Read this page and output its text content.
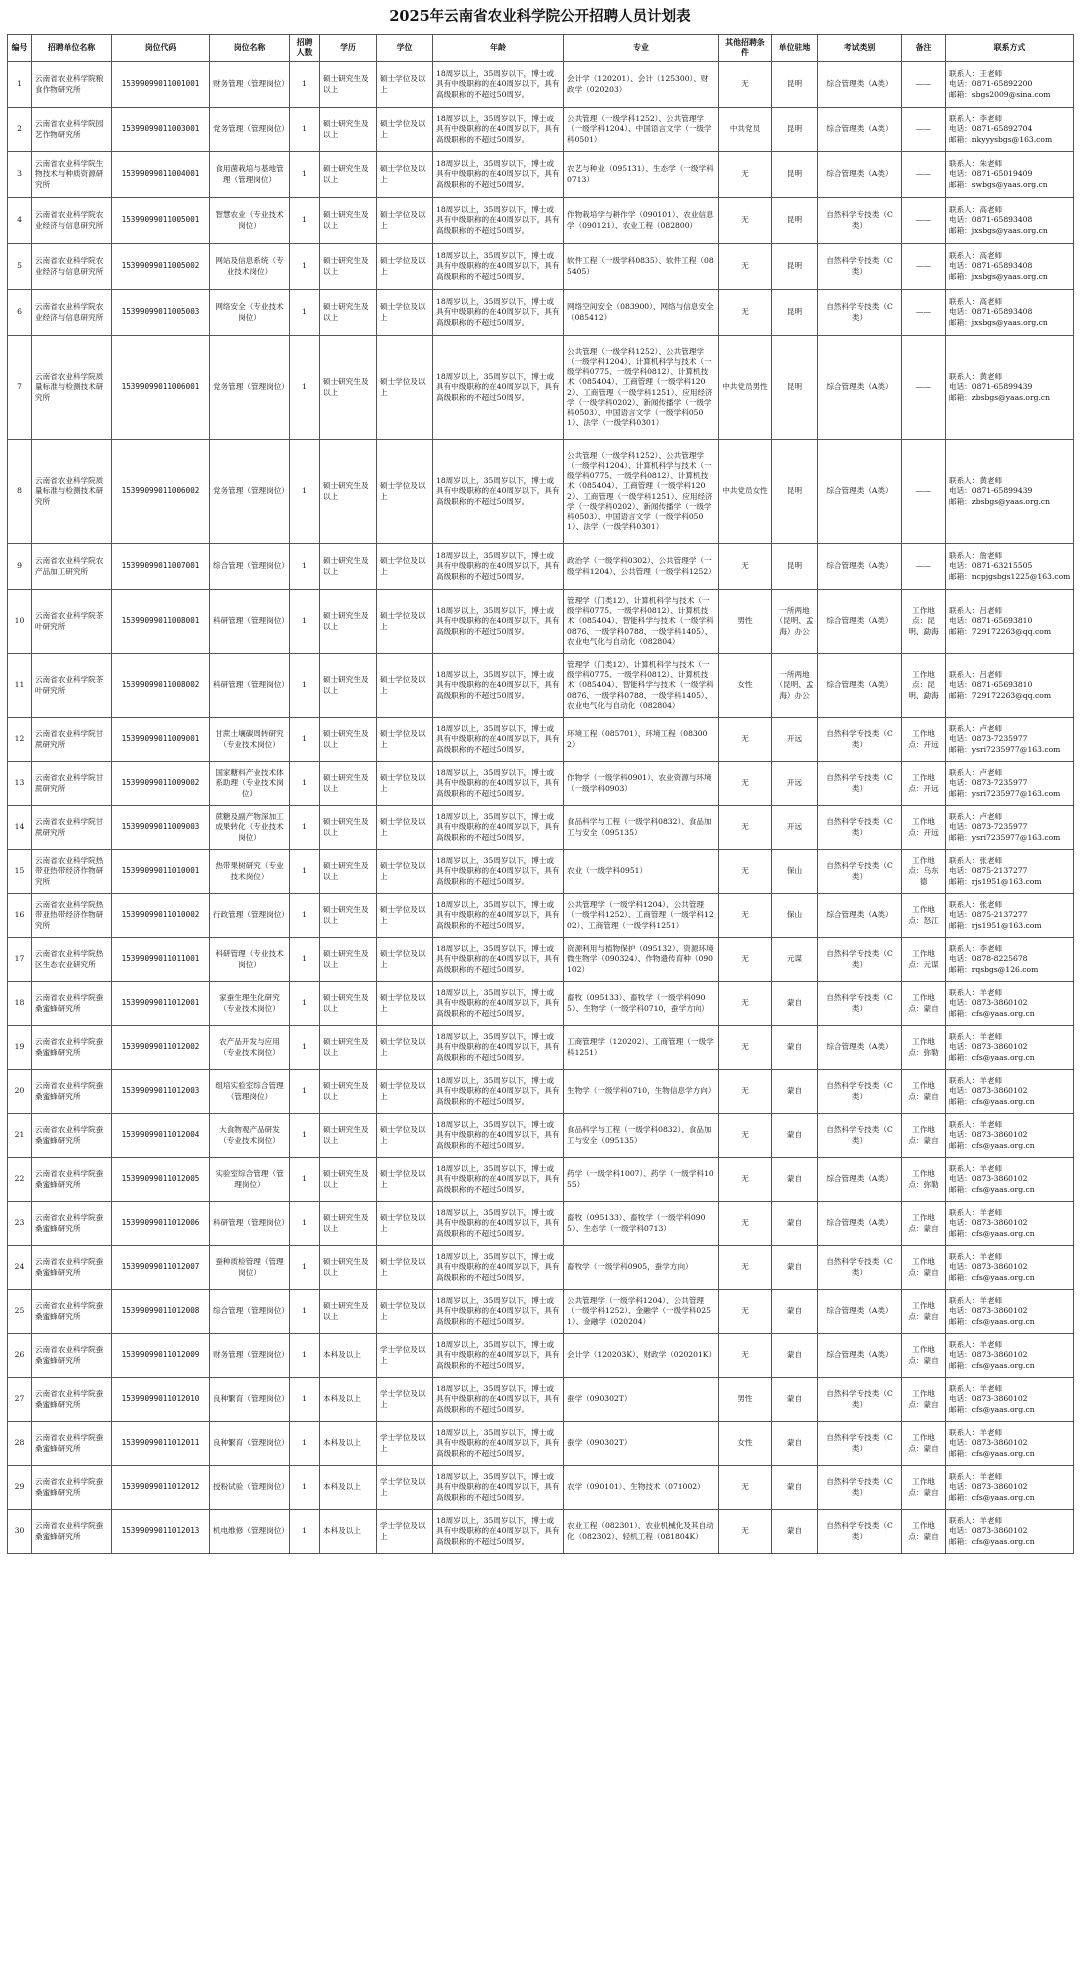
2025年云南省农业科学院公开招聘人员计划表
编号	招聘单位名称	岗位代码	岗位名称	招聘人数	学历	学位	年龄	专业	其他招聘条件	单位驻地	考试类别	备注	联系方式
1	云南省农业科学院粮食作物研究所	15399099011001001	财务管理（管理岗位）	1	硕士研究生及以上	硕士学位及以上	18周岁以上，35周岁以下，博士或具有中级职称的在40周岁以下，具有高级职称的不超过50周岁。	会计学（120201）、会计（125300）、财政学（020203）	无	昆明	综合管理类（A类）	——	联系人：王老师
电话：0871-65892200
邮箱：sbgs2009@sina.com

2	云南省农业科学院园艺作物研究所	15399099011003001	党务管理（管理岗位）	1	硕士研究生及以上	硕士学位及以上	18周岁以上，35周岁以下，博士或具有中级职称的在40周岁以下，具有高级职称的不超过50周岁。	公共管理（一级学科1252）、公共管理学（一级学科1204）、中国语言文学（一级学科0501）	中共党员	昆明	综合管理类（A类）	——	联系人：李老师
电话：0871-65892704
邮箱：nkyyysbgs@163.com

3	云南省农业科学院生物技术与种质资源研究所	15399099011004001	食用菌栽培与基地管理（管理岗位）	1	硕士研究生及以上	硕士学位及以上	18周岁以上，35周岁以下，博士或具有中级职称的在40周岁以下，具有高级职称的不超过50周岁。	农艺与种业（095131）、生态学（一级学科0713）	无	昆明	综合管理类（A类）	——	联系人：朱老师
电话：0871-65019409
邮箱：swbgs@yaas.org.cn

4	云南省农业科学院农业经济与信息研究所	15399099011005001	智慧农业（专业技术岗位）	1	硕士研究生及以上	硕士学位及以上	18周岁以上，35周岁以下，博士或具有中级职称的在40周岁以下，具有高级职称的不超过50周岁。	作物栽培学与耕作学（090101）、农业信息学（090121）、农业工程（082800）	无	昆明	自然科学专技类（C类）	——	联系人：高老师
电话：0871-65893408
邮箱：jxsbgs@yaas.org.cn

5	云南省农业科学院农业经济与信息研究所	15399099011005002	网站及信息系统（专业技术岗位）	1	硕士研究生及以上	硕士学位及以上	18周岁以上，35周岁以下，博士或具有中级职称的在40周岁以下，具有高级职称的不超过50周岁。	软件工程（一级学科0835）、软件工程（085405）	无	昆明	自然科学专技类（C类）	——	联系人：高老师
电话：0871-65893408
邮箱：jxsbgs@yaas.org.cn

6	云南省农业科学院农业经济与信息研究所	15399099011005003	网络安全（专业技术岗位）	1	硕士研究生及以上	硕士学位及以上	18周岁以上，35周岁以下，博士或具有中级职称的在40周岁以下，具有高级职称的不超过50周岁。	网络空间安全（083900）、网络与信息安全（085412）	无	昆明	自然科学专技类（C类）	——	联系人：高老师
电话：0871-65893408
邮箱：jxsbgs@yaas.org.cn

7	云南省农业科学院质量标准与检测技术研究所	15399099011006001	党务管理（管理岗位）	1	硕士研究生及以上	硕士学位及以上	18周岁以上，35周岁以下，博士或具有中级职称的在40周岁以下，具有高级职称的不超过50周岁。	公共管理（一级学科1252）、公共管理学（一级学科1204）、计算机科学与技术（一级学科0775、一级学科0812）、计算机技术（085404）、工商管理（一级学科1202）、工商管理（一级学科1251）、应用经济学（一级学科0202）、新闻传播学（一级学科0503）、中国语言文学（一级学科0501）、法学（一级学科0301）	中共党员男性	昆明	综合管理类（A类）	——	联系人：黄老师
电话：0871-65899439
邮箱：zbsbgs@yaas.org.cn

8	云南省农业科学院质量标准与检测技术研究所	15399099011006002	党务管理（管理岗位）	1	硕士研究生及以上	硕士学位及以上	18周岁以上，35周岁以下，博士或具有中级职称的在40周岁以下，具有高级职称的不超过50周岁。	公共管理（一级学科1252）、公共管理学（一级学科1204）、计算机科学与技术（一级学科0775、一级学科0812）、计算机技术（085404）、工商管理（一级学科1202）、工商管理（一级学科1251）、应用经济学（一级学科0202）、新闻传播学（一级学科0503）、中国语言文学（一级学科0501）、法学（一级学科0301）	中共党员女性	昆明	综合管理类（A类）	——	联系人：黄老师
电话：0871-65899439
邮箱：zbsbgs@yaas.org.cn

9	云南省农业科学院农产品加工研究所	15399099011007001	综合管理（管理岗位）	1	硕士研究生及以上	硕士学位及以上	18周岁以上，35周岁以下，博士或具有中级职称的在40周岁以下，具有高级职称的不超过50周岁。	政治学（一级学科0302）、公共管理学（一级学科1204）、公共管理（一级学科1252）	无	昆明	综合管理类（A类）	——	联系人：詹老师
电话：0871-63215505
邮箱：ncpjgsbgs1225@163.com

10	云南省农业科学院茶叶研究所	15399099011008001	科研管理（管理岗位）	1	硕士研究生及以上	硕士学位及以上	18周岁以上，35周岁以下，博士或具有中级职称的在40周岁以下，具有高级职称的不超过50周岁。	管理学（门类12）、计算机科学与技术（一级学科0775、一级学科0812）、计算机技术（085404）、智能科学与技术（一级学科0876、一级学科0788、一级学科1405）、农业电气化与自动化（082804）	男性	一所两地（昆明、孟海）办公	综合管理类（A类）	工作地点：昆明、勐海	联系人：吕老师
电话：0871-65693810
邮箱：729172263@qq.com

11	云南省农业科学院茶叶研究所	15399099011008002	科研管理（管理岗位）	1	硕士研究生及以上	硕士学位及以上	18周岁以上，35周岁以下，博士或具有中级职称的在40周岁以下，具有高级职称的不超过50周岁。	管理学（门类12）、计算机科学与技术（一级学科0775、一级学科0812）、计算机技术（085404）、智能科学与技术（一级学科0876、一级学科0788、一级学科1405）、农业电气化与自动化（082804）	女性	一所两地（昆明、孟海）办公	综合管理类（A类）	工作地点：昆明、勐海	联系人：吕老师
电话：0871-65693810
邮箱：729172263@qq.com

12	云南省农业科学院甘蔗研究所	15399099011009001	甘蔗土壤碳周转研究（专业技术岗位）	1	硕士研究生及以上	硕士学位及以上	18周岁以上，35周岁以下，博士或具有中级职称的在40周岁以下，具有高级职称的不超过50周岁。	环境工程（085701）、环境工程（083002）	无	开远	自然科学专技类（C类）	工作地点：开远	联系人：卢老师
电话：0873-7235977
邮箱：ysri7235977@163.com

13	云南省农业科学院甘蔗研究所	15399099011009002	国家糖料产业技术体系助理（专业技术岗位）	1	硕士研究生及以上	硕士学位及以上	18周岁以上，35周岁以下，博士或具有中级职称的在40周岁以下，具有高级职称的不超过50周岁。	作物学（一级学科0901）、农业资源与环境（一级学科0903）	无	开远	自然科学专技类（C类）	工作地点：开远	联系人：卢老师
电话：0873-7235977
邮箱：ysri7235977@163.com

14	云南省农业科学院甘蔗研究所	15399099011009003	蔗糖及副产物深加工成果转化（专业技术岗位）	1	硕士研究生及以上	硕士学位及以上	18周岁以上，35周岁以下，博士或具有中级职称的在40周岁以下，具有高级职称的不超过50周岁。	食品科学与工程（一级学科0832）、食品加工与安全（095135）	无	开远	自然科学专技类（C类）	工作地点：开远	联系人：卢老师
电话：0873-7235977
邮箱：ysri7235977@163.com

15	云南省农业科学院热带亚热带经济作物研究所	15399099011010001	热带果树研究（专业技术岗位）	1	硕士研究生及以上	硕士学位及以上	18周岁以上，35周岁以下，博士或具有中级职称的在40周岁以下，具有高级职称的不超过50周岁。	农业（一级学科0951）	无	保山	自然科学专技类（C类）	工作地点：乌东德	联系人：张老师
电话：0875-2137277
邮箱：rjs1951@163.com

16	云南省农业科学院热带亚热带经济作物研究所	15399099011010002	行政管理（管理岗位）	1	硕士研究生及以上	硕士学位及以上	18周岁以上，35周岁以下，博士或具有中级职称的在40周岁以下，具有高级职称的不超过50周岁。	公共管理学（一级学科1204）、公共管理（一级学科1252）、工商管理（一级学科1202）、工商管理（一级学科1251）	无	保山	综合管理类（A类）	工作地点：怒江	联系人：张老师
电话：0875-2137277
邮箱：rjs1951@163.com

17	云南省农业科学院热区生态农业研究所	15399099011011001	科研管理（专业技术岗位）	1	硕士研究生及以上	硕士学位及以上	18周岁以上，35周岁以下，博士或具有中级职称的在40周岁以下，具有高级职称的不超过50周岁。	资源利用与植物保护（095132）、资源环境微生物学（090324）、作物遗传育种（090102）	无	元谋	自然科学专技类（C类）	工作地点：元谋	联系人：李老师
电话：0878-8225678
邮箱：rqsbgs@126.com

18	云南省农业科学院蚕桑蜜蜂研究所	15399099011012001	家蚕生理生化研究（专业技术岗位）	1	硕士研究生及以上	硕士学位及以上	18周岁以上，35周岁以下，博士或具有中级职称的在40周岁以下，具有高级职称的不超过50周岁。	畜牧（095133）、畜牧学（一级学科0905）、生物学（一级学科0710，蚕学方向）	无	蒙自	自然科学专技类（C类）	工作地点：蒙自	联系人：羊老师
电话：0873-3860102
邮箱：cfs@yaas.org.cn

19	云南省农业科学院蚕桑蜜蜂研究所	15399099011012002	农产品开发与应用（专业技术岗位）	1	硕士研究生及以上	硕士学位及以上	18周岁以上，35周岁以下，博士或具有中级职称的在40周岁以下，具有高级职称的不超过50周岁。	工商管理学（120202）、工商管理（一级学科1251）	无	蒙自	综合管理类（A类）	工作地点：弥勒	联系人：羊老师
电话：0873-3860102
邮箱：cfs@yaas.org.cn

20	云南省农业科学院蚕桑蜜蜂研究所	15399099011012003	组培实验室综合管理（管理岗位）	1	硕士研究生及以上	硕士学位及以上	18周岁以上，35周岁以下，博士或具有中级职称的在40周岁以下，具有高级职称的不超过50周岁。	生物学（一级学科0710，生物信息学方向）	无	蒙自	自然科学专技类（C类）	工作地点：蒙自	联系人：羊老师
电话：0873-3860102
邮箱：cfs@yaas.org.cn

21	云南省农业科学院蚕桑蜜蜂研究所	15399099011012004	大食物观产品研发（专业技术岗位）	1	硕士研究生及以上	硕士学位及以上	18周岁以上，35周岁以下，博士或具有中级职称的在40周岁以下，具有高级职称的不超过50周岁。	食品科学与工程（一级学科0832）、食品加工与安全（095135）	无	蒙自	自然科学专技类（C类）	工作地点：蒙自	联系人：羊老师
电话：0873-3860102
邮箱：cfs@yaas.org.cn

22	云南省农业科学院蚕桑蜜蜂研究所	15399099011012005	实验室综合管理（管理岗位）	1	硕士研究生及以上	硕士学位及以上	18周岁以上，35周岁以下，博士或具有中级职称的在40周岁以下，具有高级职称的不超过50周岁。	药学（一级学科1007）、药学（一级学科1055）	无	蒙自	综合管理类（A类）	工作地点：弥勒	联系人：羊老师
电话：0873-3860102
邮箱：cfs@yaas.org.cn

23	云南省农业科学院蚕桑蜜蜂研究所	15399099011012006	科研管理（管理岗位）	1	硕士研究生及以上	硕士学位及以上	18周岁以上，35周岁以下，博士或具有中级职称的在40周岁以下，具有高级职称的不超过50周岁。	畜牧（095133）、畜牧学（一级学科0905）、生态学（一级学科0713）	无	蒙自	综合管理类（A类）	工作地点：蒙自	联系人：羊老师
电话：0873-3860102
邮箱：cfs@yaas.org.cn

24	云南省农业科学院蚕桑蜜蜂研究所	15399099011012007	蚕种质检管理（管理岗位）	1	硕士研究生及以上	硕士学位及以上	18周岁以上，35周岁以下，博士或具有中级职称的在40周岁以下，具有高级职称的不超过50周岁。	畜牧学（一级学科0905，蚕学方向）	无	蒙自	自然科学专技类（C类）	工作地点：蒙自	联系人：羊老师
电话：0873-3860102
邮箱：cfs@yaas.org.cn

25	云南省农业科学院蚕桑蜜蜂研究所	15399099011012008	综合管理（管理岗位）	1	硕士研究生及以上	硕士学位及以上	18周岁以上，35周岁以下，博士或具有中级职称的在40周岁以下，具有高级职称的不超过50周岁。	公共管理学（一级学科1204）、公共管理（一级学科1252）、金融学（一级学科0251）、金融学（020204）	无	蒙自	综合管理类（A类）	工作地点：蒙自	联系人：羊老师
电话：0873-3860102
邮箱：cfs@yaas.org.cn

26	云南省农业科学院蚕桑蜜蜂研究所	15399099011012009	财务管理（管理岗位）	1	本科及以上	学士学位及以上	18周岁以上，35周岁以下，博士或具有中级职称的在40周岁以下，具有高级职称的不超过50周岁。	会计学（120203K）、财政学（020201K）	无	蒙自	综合管理类（A类）	工作地点：蒙自	联系人：羊老师
电话：0873-3860102
邮箱：cfs@yaas.org.cn

27	云南省农业科学院蚕桑蜜蜂研究所	15399099011012010	良种繁育（管理岗位）	1	本科及以上	学士学位及以上	18周岁以上，35周岁以下，博士或具有中级职称的在40周岁以下，具有高级职称的不超过50周岁。	蚕学（090302T）	男性	蒙自	自然科学专技类（C类）	工作地点：蒙自	联系人：羊老师
电话：0873-3860102
邮箱：cfs@yaas.org.cn

28	云南省农业科学院蚕桑蜜蜂研究所	15399099011012011	良种繁育（管理岗位）	1	本科及以上	学士学位及以上	18周岁以上，35周岁以下，博士或具有中级职称的在40周岁以下，具有高级职称的不超过50周岁。	蚕学（090302T）	女性	蒙自	自然科学专技类（C类）	工作地点：蒙自	联系人：羊老师
电话：0873-3860102
邮箱：cfs@yaas.org.cn

29	云南省农业科学院蚕桑蜜蜂研究所	15399099011012012	授粉试验（管理岗位）	1	本科及以上	学士学位及以上	18周岁以上，35周岁以下，博士或具有中级职称的在40周岁以下，具有高级职称的不超过50周岁。	农学（090101）、生物技术（071002）	无	蒙自	自然科学专技类（C类）	工作地点：蒙自	联系人：羊老师
电话：0873-3860102
邮箱：cfs@yaas.org.cn

30	云南省农业科学院蚕桑蜜蜂研究所	15399099011012013	机电维修（管理岗位）	1	本科及以上	学士学位及以上	18周岁以上，35周岁以下，博士或具有中级职称的在40周岁以下，具有高级职称的不超过50周岁。	农业工程（082301）、农业机械化及其自动化（082302）、轻机工程（081804K）	无	蒙自	自然科学专技类（C类）	工作地点：蒙自	联系人：羊老师
电话：0873-3860102
邮箱：cfs@yaas.org.cn
